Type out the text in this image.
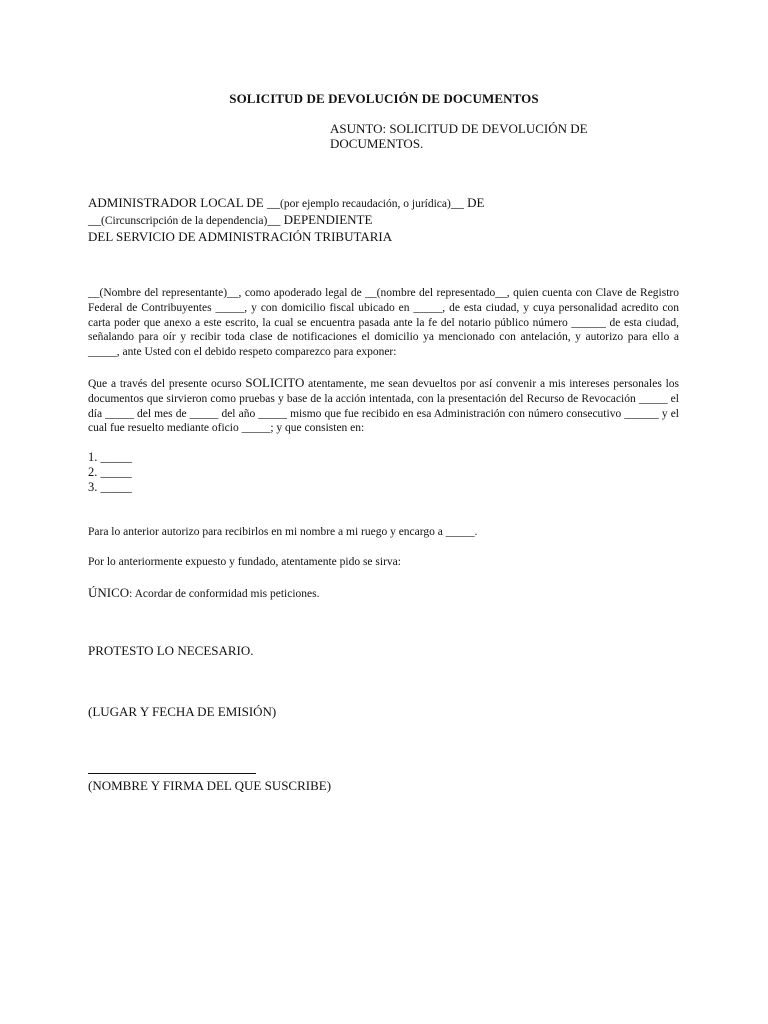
SOLICITUD DE DEVOLUCIÓN DE DOCUMENTOS
ASUNTO: SOLICITUD DE DEVOLUCIÓN DE
DOCUMENTOS.
ADMINISTRADOR LOCAL DE __(por ejemplo recaudación, o jurídica)__ DE
__(Circunscripción de la dependencia)__ DEPENDIENTE
DEL SERVICIO DE ADMINISTRACIÓN TRIBUTARIA
__(Nombre del representante)__, como apoderado legal de __(nombre del representado__, quien cuenta con Clave de Registro Federal de Contribuyentes _____, y con domicilio fiscal ubicado en _____, de esta ciudad, y cuya personalidad acredito con carta poder que anexo a este escrito, la cual se encuentra pasada ante la fe del notario público número ______ de esta ciudad, señalando para oír y recibir toda clase de notificaciones el domicilio ya mencionado con antelación, y autorizo para ello a _____, ante Usted con el debido respeto comparezco para exponer:
Que a través del presente ocurso SOLICITO atentamente, me sean devueltos por así convenir a mis intereses personales los documentos que sirvieron como pruebas y base de la acción intentada, con la presentación del Recurso de Revocación _____ el día _____ del mes de _____ del año _____ mismo que fue recibido en esa Administración con número consecutivo ______ y el cual fue resuelto mediante oficio _____; y que consisten en:
1. _____
2. _____
3. _____
Para lo anterior autorizo para recibirlos en mi nombre a mi ruego y encargo a _____.
Por lo anteriormente expuesto y fundado, atentamente pido se sirva:
ÚNICO: Acordar de conformidad mis peticiones.
PROTESTO LO NECESARIO.
(LUGAR Y FECHA DE EMISIÓN)
(NOMBRE Y FIRMA DEL QUE SUSCRIBE)
